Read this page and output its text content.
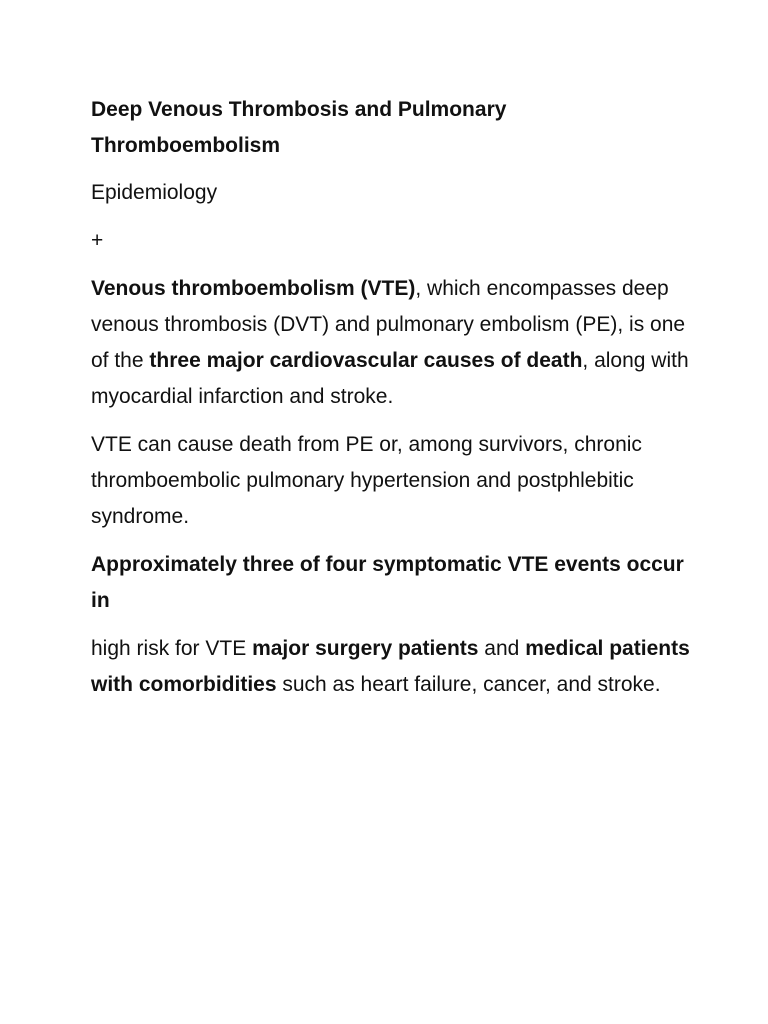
Deep Venous Thrombosis and Pulmonary Thromboembolism
Epidemiology
+
Venous thromboembolism (VTE), which encompasses deep venous thrombosis (DVT) and pulmonary embolism (PE), is one of the three major cardiovascular causes of death, along with myocardial infarction and stroke.
VTE can cause death from PE or, among survivors, chronic thromboembolic pulmonary hypertension and postphlebitic syndrome.
Approximately three of four symptomatic VTE events occur in
high risk for VTE major surgery patients and medical patients with comorbidities such as heart failure, cancer, and stroke.
